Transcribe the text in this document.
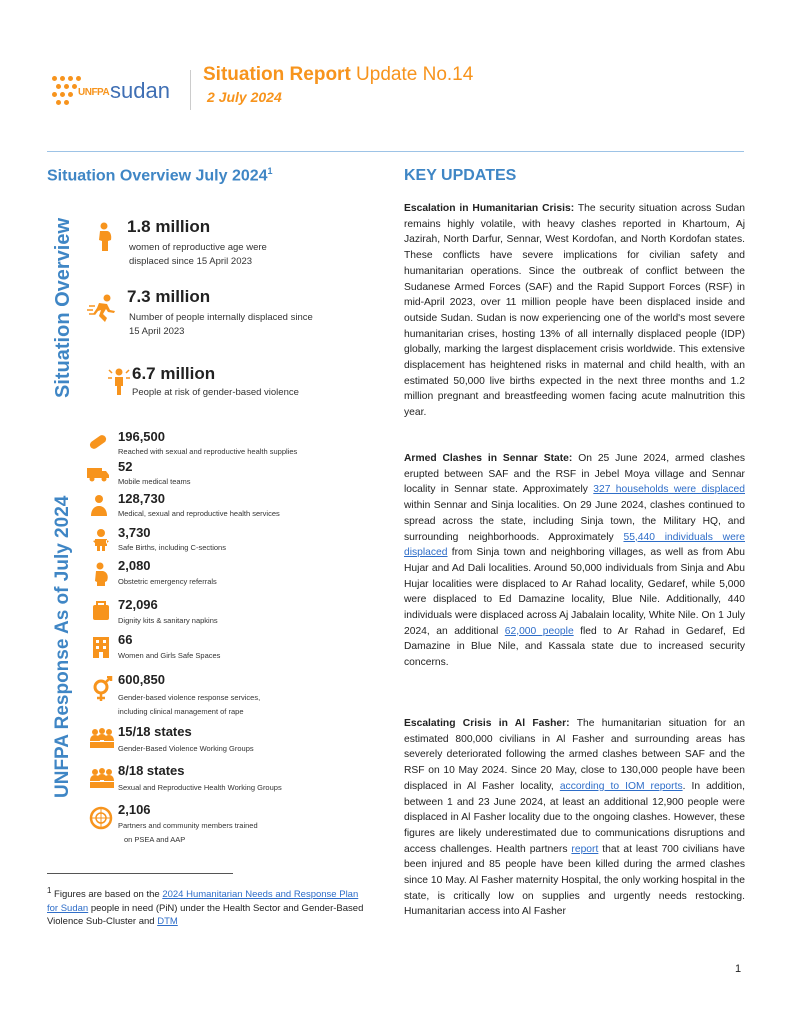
UNFPA sudan
Situation Report Update No.14
2 July 2024
Situation Overview July 2024$^1$
Situation Overview	1.8 million
women of reproductive age were displaced since 15 April 2023
7.3 million
Number of people internally displaced since 15 April 2023
6.7 million
People at risk of gender-based violence
UNFPA Response As of July 2024
196,500
Reached with sexual and reproductive health supplies
52
Mobile medical teams
128,730
Medical, sexual and reproductive health services
3,730
Safe Births, including C-sections
2,080
Obstetric emergency referrals
72,096
Dignity kits & sanitary napkins
66
Women and Girls Safe Spaces
600,850
Gender-based violence response services,
including clinical management of rape
15/18 states
Gender-Based Violence Working Groups
8/18 states
Sexual and Reproductive Health Working Groups
2,106
Partners and community members trained
on PSEA and AAP
$^1$ Figures are based on the 2024 Humanitarian Needs and Response Plan for Sudan people in need (PiN) under the Health Sector and Gender-Based Violence Sub-Cluster and DTM
KEY UPDATES
Escalation in Humanitarian Crisis: The security situation across Sudan remains highly volatile, with heavy clashes reported in Khartoum, Aj Jazirah, North Darfur, Sennar, West Kordofan, and North Kordofan states. These conflicts have severe implications for civilian safety and humanitarian operations. Since the outbreak of conflict between the Sudanese Armed Forces (SAF) and the Rapid Support Forces (RSF) in mid-April 2023, over 11 million people have been displaced inside and outside Sudan. Sudan is now experiencing one of the world's most severe humanitarian crises, hosting 13% of all internally displaced people (IDP) globally, marking the largest displacement crisis worldwide. This extensive displacement has heightened risks in maternal and child health, with an estimated 50,000 live births expected in the next three months and 1.2 million pregnant and breastfeeding women facing acute malnutrition this year.
Armed Clashes in Sennar State: On 25 June 2024, armed clashes erupted between SAF and the RSF in Jebel Moya village and Sennar locality in Sennar state. Approximately 327 households were displaced within Sennar and Sinja localities. On 29 June 2024, clashes continued to spread across the state, including Sinja town, the Military HQ, and surrounding neighborhoods. Approximately 55,440 individuals were displaced from Sinja town and neighboring villages, as well as from Abu Hujar and Ad Dali localities. Around 50,000 individuals from Sinja and Abu Hujar localities were displaced to Ar Rahad locality, Gedaref, while 5,000 were displaced to Ed Damazine locality, Blue Nile. Additionally, 440 individuals were displaced across Aj Jabalain locality, White Nile. On 1 July 2024, an additional 62,000 people fled to Ar Rahad in Gedaref, Ed Damazine in Blue Nile, and Kassala state due to increased security concerns.
Escalating Crisis in Al Fasher: The humanitarian situation for an estimated 800,000 civilians in Al Fasher and surrounding areas has severely deteriorated following the armed clashes between SAF and the RSF on 10 May 2024. Since 20 May, close to 130,000 people have been displaced in Al Fasher locality, according to IOM reports. In addition, between 1 and 23 June 2024, at least an additional 12,900 people were displaced in Al Fasher locality due to the ongoing clashes. However, these figures are likely underestimated due to communications disruptions and access challenges. Health partners report that at least 700 civilians have been injured and 85 people have been killed during the armed clashes since 10 May. Al Fasher maternity Hospital, the only working hospital in the state, is critically low on supplies and urgently needs restocking. Humanitarian access into Al Fasher
1
